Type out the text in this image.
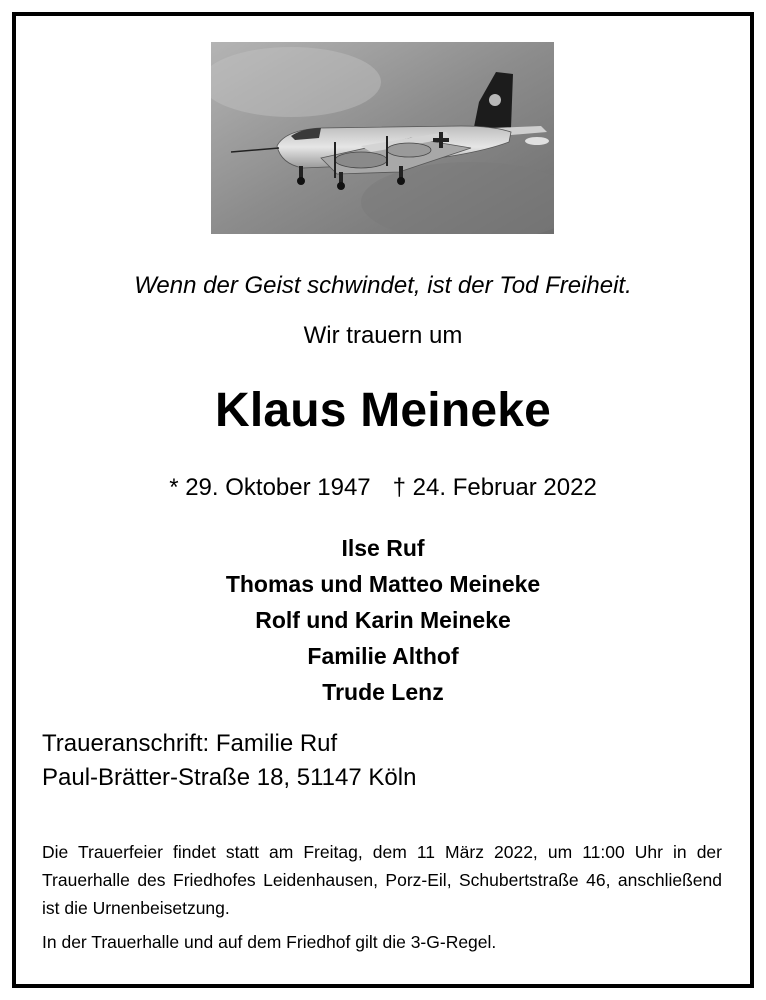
Wenn der Geist schwindet, ist der Tod Freiheit.
Wir trauern um
Klaus Meineke
* 29. Oktober 1947 † 24. Februar 2022
Ilse Ruf
Thomas und Matteo Meineke
Rolf und Karin Meineke
Familie Althof
Trude Lenz
Traueranschrift: Familie Ruf
Paul-Brätter-Straße 18, 51147 Köln
Die Trauerfeier findet statt am Freitag, dem 11 März 2022, um 11:00 Uhr in der Trauerhalle des Friedhofes Leidenhausen, Porz-Eil, Schubertstraße 46, anschließend ist die Urnenbeisetzung.
In der Trauerhalle und auf dem Friedhof gilt die 3-G-Regel.
